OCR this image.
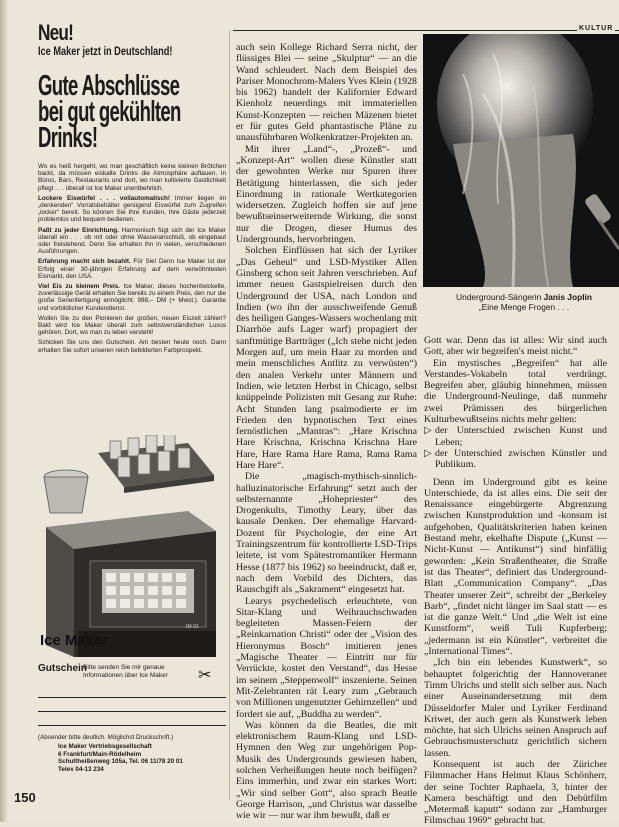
Neu!
Ice Maker jetzt in Deutschland!
Gute Abschlüsse
bei gut gekühlten
Drinks!

Wo es heiß hergeht, wo man geschäftlich keine kleinen Brötchen backt, da müssen eiskalte Drinks die Atmosphäre auftauen. In Büros, Bars, Restaurants und dort, wo man kultivierte Gastlichkeit pflegt . . . überall ist Ice Maker unentbehrlich.

Lockere Eiswürfel . . . vollautomatisch! Immer liegen im „denkenden“ Vorratsbehälter genügend Eiswürfel zum Zugreifen „locker“ bereit. So können Sie Ihre Kunden, Ihre Gäste jederzeit problemlos und bequem bedienen.

Paßt zu jeder Einrichtung. Harmonisch fügt sich der Ice Maker überall ein . . . ob mit oder ohne Wasseranschluß, ob eingebaut oder freistehend. Denn Sie erhalten ihn in vielen, verschiedenen Ausführungen.

Erfahrung macht sich bezahlt. Für Sie! Denn Ice Maker ist der Erfolg einer 30-jährigen Erfahrung auf dem verwöhntesten Eismarkt, den USA.

Viel Eis zu kleinem Preis. Ice Maker, dieses hochentwickelte, zuverlässige Gerät erhalten Sie bereits zu einem Preis, den nur die große Serienfertigung ermöglicht: 998,– DM (+ Mwst.). Garantie und vorbildlicher Kundendienst.

Wollen Sie zu den Pionieren der großen, neuen Eiszeit zählen? Bald wird Ice Maker überall zum selbstverständlichen Luxus gehören. Dort, wo man zu leben versteht!

Schicken Sie uns den Gutschein. Am besten heute noch. Dann erhalten Sie sofort unseren reich bebilderten Farbprospekt.

Ice Maker
IM-91
Gutschein
Bitte senden Sie mir genaue Informationen über Ice Maker	✂
(Absender bitte deutlich. Möglichst Druckschrift.)
Ice Maker Vertriebsgesellschaft
6 Frankfurt/Main-Rödelheim
Schultheißenweg 105a, Tel. 06 11/78 20 01
Telex 04-13 234
150
KULTUR

auch sein Kollege Richard Serra nicht, der flüssiges Blei — seine „Skulptur“ — an die Wand schleudert. Nach dem Beispiel des Pariser Monochrom-Malers Yves Klein (1928 bis 1962) handelt der Kalifornier Edward Kienholz neuerdings mit immateriellen Kunst-Konzepten — reichen Mäzenen bietet er für gutes Geld phantastische Pläne zu unausführbaren Wolkenkratzer-Projekten an.

Mit ihrer „Land“-, „Prozeß“- und „Konzept-Art“ wollen diese Künstler statt der gewohnten Werke nur Spuren ihrer Betätigung hinterlassen, die sich jeder Einordnung in rationale Wertkategorien widersetzen. Zugleich hoffen sie auf jene bewußtseinserweiternde Wirkung, die sonst nur die Drogen, dieser Humus des Undergrounds, hervorbringen.

Solchen Einflüssen hat sich der Lyriker „Das Geheul“ und LSD-Mystiker Allen Ginsberg schon seit Jahren verschrieben. Auf immer neuen Gastspielreisen durch den Underground der USA, nach London und Indien (wo ihn der ausschweifende Genuß des heiligen Ganges-Wassers wochenlang mit Diarrhöe aufs Lager warf) propagiert der sanftmütige Bartträger („Ich stehe nicht jeden Morgen auf, um mein Haar zu morden und mein menschliches Antlitz zu verwüsten“) den analen Verkehr unter Männern und Indien, wie letzten Herbst in Chicago, selbst knüppelnde Polizisten mit Gesang zur Ruhe: Acht Stunden lang psalmodierte er im Frieden den hypnotischen Text eines fernöstlichen „Mantras“: „Hare Krischna Hare Krischna, Krischna Krischna Hare Hare, Hare Rama Hare Rama, Rama Rama Hare Hare“.

Die „magisch-mythisch-sinnlich-halluzinatorische Erfahrung“ setzt auch der selbsternannte „Hohepriester“ des Drogenkults, Timothy Leary, über das kausale Denken. Der ehemalige Harvard-Dozent für Psychologie, der eine Art Trainingszentrum für kontrollierte LSD-Trips leitete, ist vom Spätestromantiker Hermann Hesse (1877 bis 1962) so beeindruckt, daß er, nach dem Vorbild des Dichters, das Rauschgift als „Sakrament“ eingesetzt hat.

Learys psychedelisch erleuchtete, von Sitar-Klang und Weihrauchschwaden begleiteten Massen-Feiern der „Reinkarnation Christi“ oder der „Vision des Hieronymus Bosch“ imitieren jenes „Magische Theater — Eintritt nur für Verrückte, kostet den Verstand“, das Hesse im seinem „Steppenwolf“ inszenierte. Seinen Mit-Zelebranten rät Leary zum „Gebrauch von Millionen ungenutzter Gehirnzellen“ und fordert sie auf, „Buddha zu werden“.

Was können da die Beatles, die mit elektronischem Raum-Klang und LSD-Hymnen den Weg zur ungehörigen Pop-Musik des Undergrounds gewiesen haben, solchen Verheißungen heute noch beifügen? Eins immerhin, und zwar ein starkes Wort: „Wir sind selber Gott“, also sprach Beatle George Harrison, „und Christus war dasselbe wie wir — nur war ihm bewußt, daß er

Underground-Sängerin Janis Joplin
„Eine Menge Frogen . . .

Gott war. Denn das ist alles: Wir sind auch Gott, aber wir begreifen's meist nicht.“

Ein mystisches „Begreifen“ hat alle Verstandes-Vokabeln total verdrängt. Begreifen aber, gläubig hinnehmen, müssen die Underground-Neulinge, daß nunmehr zwei Prämissen des bürgerlichen Kulturbewußtseins nichts mehr gelten:

▷ der Unterschied zwischen Kunst und Leben;

▷ der Unterschied zwischen Künstler und Publikum.

Denn im Underground gibt es keine Unterschiede, da ist alles eins. Die seit der Renaissance eingebürgerte Abgrenzung zwischen Kunstproduktion und -konsum ist aufgehoben, Qualitätskriterien haben keinen Bestand mehr, ekelhafte Dispute („Kunst — Nicht-Kunst — Antikunst“) sind hinfällig geworden: „Kein Straßentheater, die Straße ist das Theater“, definiert das Underground-Blatt „Communication Company“. „Das Theater unserer Zeit“, schreibt der „Berkeley Barb“, „findet nicht länger im Saal statt — es ist die ganze Welt.“ Und „die Welt ist eine Kunstform“, weiß Tuli Kupferberg; „jedermann ist ein Künstler“, verbreitet die „International Times“.

„Ich bin ein lebendes Kunstwerk“, so behauptet folgerichtig der Hannoveraner Timm Ulrichs und stellt sich selber aus. Nach einer Auseinandersetzung mit dem Düsseldorfer Maler und Lyriker Ferdinand Kriwet, der auch gern als Kunstwerk leben möchte, hat sich Ulrichs seinen Anspruch auf Gebrauchsmusterschutz gerichtlich sichern lassen.

Konsequent ist auch der Züricher Filmmacher Hans Helmut Klaus Schönherr, der seine Tochter Raphaela, 3, hinter der Kamera beschäftigt und den Debütfilm „Metermaß kaputt“ sodann zur „Hamburger Filmschau 1969“ gebracht hat.
